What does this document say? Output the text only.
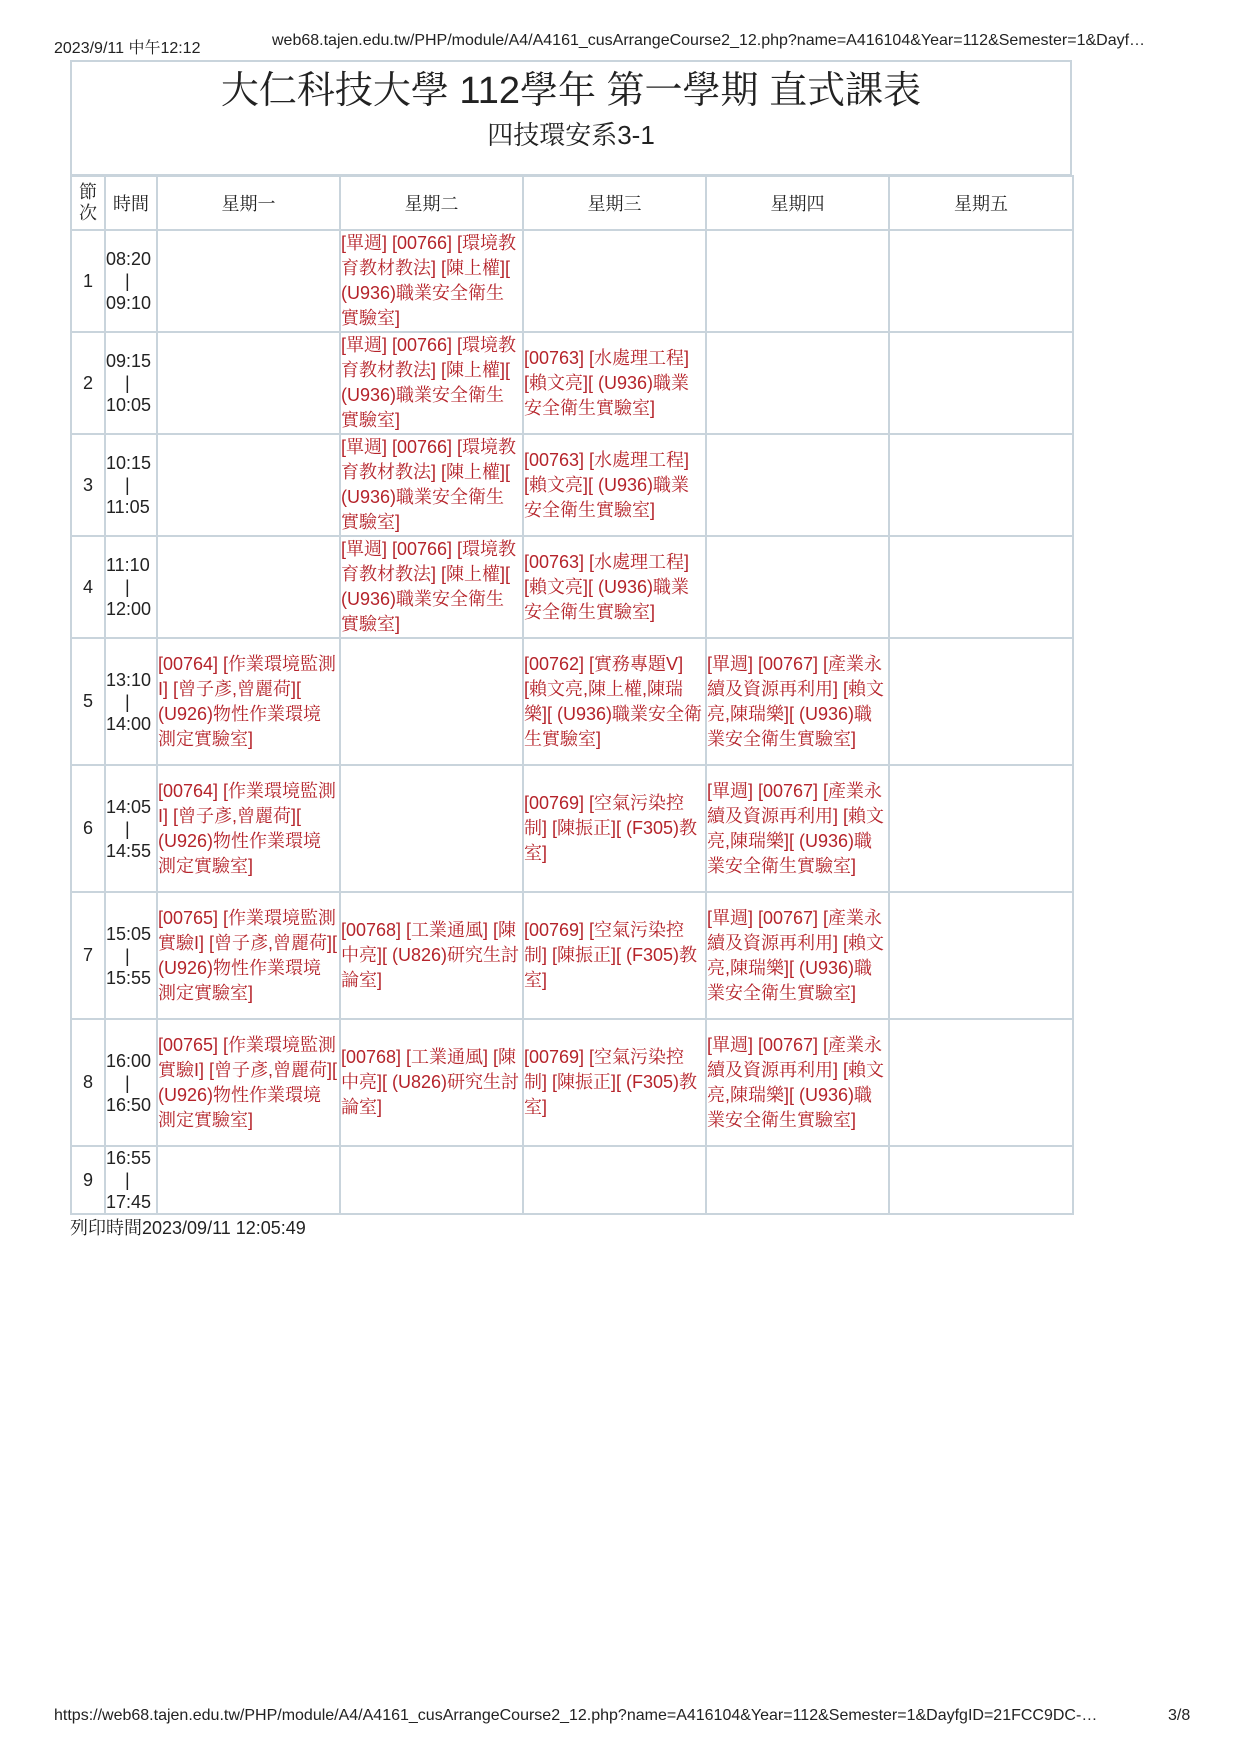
2023/9/11 中午12:12	web68.tajen.edu.tw/PHP/module/A4/A4161_cusArrangeCourse2_12.php?name=A416104&Year=112&Semester=1&Dayf…
大仁科技大學 112學年 第一學期 直式課表
四技環安系3-1
節次	時間	星期一	星期二	星期三	星期四	星期五
1	08:20
|
09:10		[單週] [00766] [環境教育教材教法] [陳上權][ (U936)職業安全衛生實驗室]			
2	09:15
|
10:05		[單週] [00766] [環境教育教材教法] [陳上權][ (U936)職業安全衛生實驗室]	[00763] [水處理工程] [賴文亮][ (U936)職業安全衛生實驗室]		
3	10:15
|
11:05		[單週] [00766] [環境教育教材教法] [陳上權][ (U936)職業安全衛生實驗室]	[00763] [水處理工程] [賴文亮][ (U936)職業安全衛生實驗室]		
4	11:10
|
12:00		[單週] [00766] [環境教育教材教法] [陳上權][ (U936)職業安全衛生實驗室]	[00763] [水處理工程] [賴文亮][ (U936)職業安全衛生實驗室]		
5	13:10
|
14:00	[00764] [作業環境監測I] [曾子彥,曾麗荷][ (U926)物性作業環境測定實驗室]		[00762] [實務專題V] [賴文亮,陳上權,陳瑞樂][ (U936)職業安全衛生實驗室]	[單週] [00767] [產業永續及資源再利用] [賴文亮,陳瑞樂][ (U936)職業安全衛生實驗室]	
6	14:05
|
14:55	[00764] [作業環境監測I] [曾子彥,曾麗荷][ (U926)物性作業環境測定實驗室]		[00769] [空氣污染控制] [陳振正][ (F305)教室]	[單週] [00767] [產業永續及資源再利用] [賴文亮,陳瑞樂][ (U936)職業安全衛生實驗室]	
7	15:05
|
15:55	[00765] [作業環境監測實驗I] [曾子彥,曾麗荷][ (U926)物性作業環境測定實驗室]	[00768] [工業通風] [陳中亮][ (U826)研究生討論室]	[00769] [空氣污染控制] [陳振正][ (F305)教室]	[單週] [00767] [產業永續及資源再利用] [賴文亮,陳瑞樂][ (U936)職業安全衛生實驗室]	
8	16:00
|
16:50	[00765] [作業環境監測實驗I] [曾子彥,曾麗荷][ (U926)物性作業環境測定實驗室]	[00768] [工業通風] [陳中亮][ (U826)研究生討論室]	[00769] [空氣污染控制] [陳振正][ (F305)教室]	[單週] [00767] [產業永續及資源再利用] [賴文亮,陳瑞樂][ (U936)職業安全衛生實驗室]	
9	16:55
|
17:45					

列印時間2023/09/11 12:05:49
https://web68.tajen.edu.tw/PHP/module/A4/A4161_cusArrangeCourse2_12.php?name=A416104&Year=112&Semester=1&DayfgID=21FCC9DC-…	3/8
